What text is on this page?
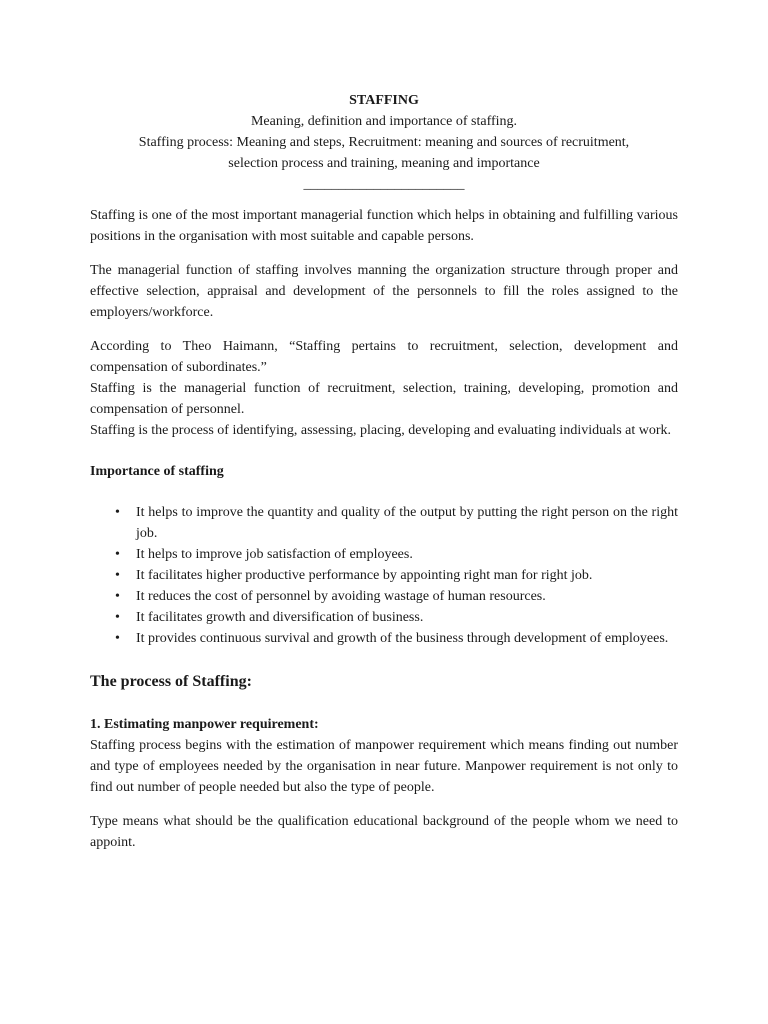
STAFFING

Meaning, definition and importance of staffing.

Staffing process: Meaning and steps, Recruitment: meaning and sources of recruitment,

selection process and training, meaning and importance

_______________________

Staffing is one of the most important managerial function which helps in obtaining and fulfilling various positions in the organisation with most suitable and capable persons.

The managerial function of staffing involves manning the organization structure through proper and effective selection, appraisal and development of the personnels to fill the roles assigned to the employers/workforce.

According to Theo Haimann, “Staffing pertains to recruitment, selection, development and compensation of subordinates.”

Staffing is the managerial function of recruitment, selection, training, developing, promotion and compensation of personnel.

Staffing is the process of identifying, assessing, placing, developing and evaluating individuals at work.

Importance of staffing
• It helps to improve the quantity and quality of the output by putting the right person on the right job.
• It helps to improve job satisfaction of employees.
• It facilitates higher productive performance by appointing right man for right job.
• It reduces the cost of personnel by avoiding wastage of human resources.
• It facilitates growth and diversification of business.
• It provides continuous survival and growth of the business through development of employees.
The process of Staffing:
1. Estimating manpower requirement:

Staffing process begins with the estimation of manpower requirement which means finding out number and type of employees needed by the organisation in near future. Manpower requirement is not only to find out number of people needed but also the type of people.

Type means what should be the qualification educational background of the people whom we need to appoint.
